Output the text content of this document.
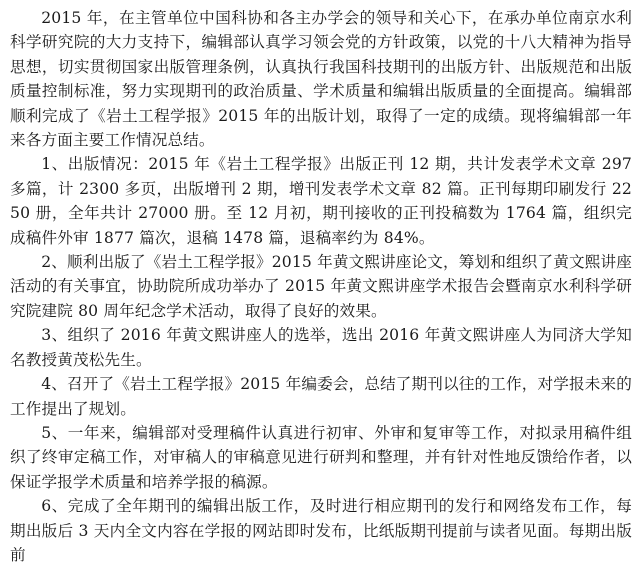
2015 年，在主管单位中国科协和各主办学会的领导和关心下，在承办单位南京水利科学研究院的大力支持下，编辑部认真学习领会党的方针政策，以党的十八大精神为指导思想，切实贯彻国家出版管理条例，认真执行我国科技期刊的出版方针、出版规范和出版质量控制标准，努力实现期刊的政治质量、学术质量和编辑出版质量的全面提高。编辑部顺利完成了《岩土工程学报》2015 年的出版计划，取得了一定的成绩。现将编辑部一年来各方面主要工作情况总结。

1、出版情况：2015 年《岩土工程学报》出版正刊 12 期，共计发表学术文章 297 多篇，计 2300 多页，出版增刊 2 期，增刊发表学术文章 82 篇。正刊每期印刷发行 2250 册，全年共计 27000 册。至 12 月初，期刊接收的正刊投稿数为 1764 篇，组织完成稿件外审 1877 篇次，退稿 1478 篇，退稿率约为 84%。

2、顺利出版了《岩土工程学报》2015 年黄文熙讲座论文，筹划和组织了黄文熙讲座活动的有关事宜，协助院所成功举办了 2015 年黄文熙讲座学术报告会暨南京水利科学研究院建院 80 周年纪念学术活动，取得了良好的效果。

3、组织了 2016 年黄文熙讲座人的选举，选出 2016 年黄文熙讲座人为同济大学知名教授黄茂松先生。

4、召开了《岩土工程学报》2015 年编委会，总结了期刊以往的工作，对学报未来的工作提出了规划。

5、一年来，编辑部对受理稿件认真进行初审、外审和复审等工作，对拟录用稿件组织了终审定稿工作，对审稿人的审稿意见进行研判和整理，并有针对性地反馈给作者，以保证学报学术质量和培养学报的稿源。

6、完成了全年期刊的编辑出版工作，及时进行相应期刊的发行和网络发布工作，每期出版后 3 天内全文内容在学报的网站即时发布，比纸版期刊提前与读者见面。每期出版前
